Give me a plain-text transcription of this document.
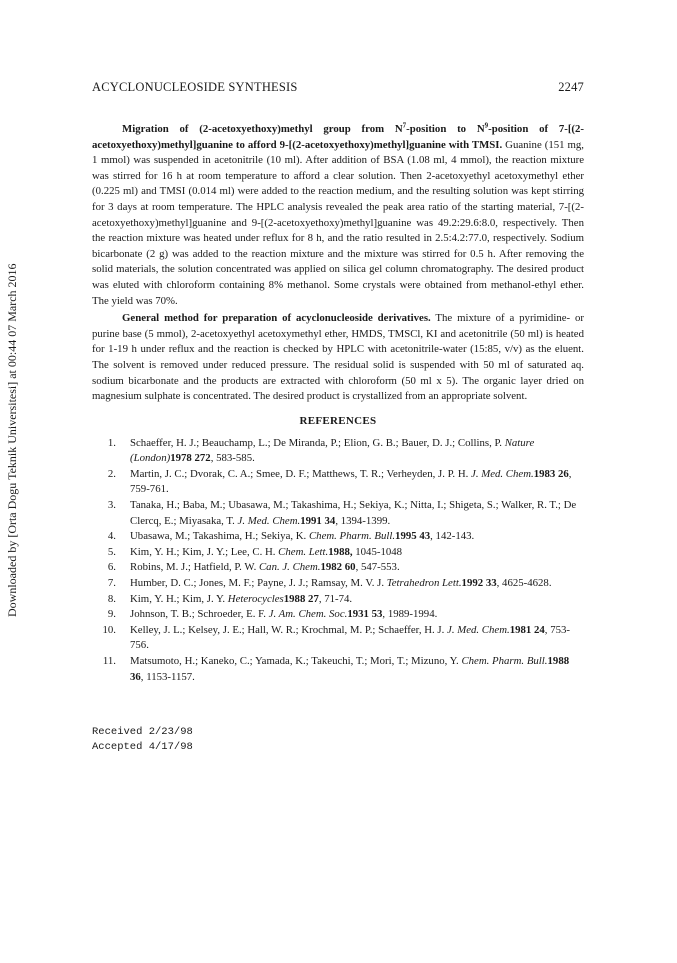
Downloaded by [Orta Dogu Teknik Universitesi] at 00:44 07 March 2016
ACYCLONUCLEOSIDE SYNTHESIS	2247

Migration of (2-acetoxyethoxy)methyl group from $N^7$-position to $N^9$-position of 7-[(2-acetoxyethoxy)methyl]guanine to afford 9-[(2-acetoxyethoxy)methyl]guanine with TMSI. Guanine (151 mg, 1 mmol) was suspended in acetonitrile (10 ml). After addition of BSA (1.08 ml, 4 mmol), the reaction mixture was stirred for 16 h at room temperature to afford a clear solution. Then 2-acetoxyethyl acetoxymethyl ether (0.225 ml) and TMSI (0.014 ml) were added to the reaction medium, and the resulting solution was kept stirring for 3 days at room temperature. The HPLC analysis revealed the peak area ratio of the starting material, 7-[(2-acetoxyethoxy)methyl]guanine and 9-[(2-acetoxyethoxy)methyl]guanine was 49.2:29.6:8.0, respectively. Then the reaction mixture was heated under reflux for 8 h, and the ratio resulted in 2.5:4.2:77.0, respectively. Sodium bicarbonate (2 g) was added to the reaction mixture and the mixture was stirred for 0.5 h. After removing the solid materials, the solution concentrated was applied on silica gel column chromatography. The desired product was eluted with chloroform containing 8% methanol. Some crystals were obtained from methanol-ethyl ether. The yield was 70%.

General method for preparation of acyclonucleoside derivatives. The mixture of a pyrimidine- or purine base (5 mmol), 2-acetoxyethyl acetoxymethyl ether, HMDS, TMSCl, KI and acetonitrile (50 ml) is heated for 1-19 h under reflux and the reaction is checked by HPLC with acetonitrile-water (15:85, v/v) as the eluent. The solvent is removed under reduced pressure. The residual solid is suspended with 50 ml of saturated aq. sodium bicarbonate and the products are extracted with chloroform (50 ml x 5). The organic layer dried on magnesium sulphate is concentrated. The desired product is crystallized from an appropriate solvent.

REFERENCES
1.	Schaeffer, H. J.; Beauchamp, L.; De Miranda, P.; Elion, G. B.; Bauer, D. J.; Collins, P. Nature (London)1978 272, 583-585.
2.	Martin, J. C.; Dvorak, C. A.; Smee, D. F.; Matthews, T. R.; Verheyden, J. P. H. J. Med. Chem.1983 26, 759-761.
3.	Tanaka, H.; Baba, M.; Ubasawa, M.; Takashima, H.; Sekiya, K.; Nitta, I.; Shigeta, S.; Walker, R. T.; De Clercq, E.; Miyasaka, T. J. Med. Chem.1991 34, 1394-1399.
4.	Ubasawa, M.; Takashima, H.; Sekiya, K. Chem. Pharm. Bull.1995 43, 142-143.
5.	Kim, Y. H.; Kim, J. Y.; Lee, C. H. Chem. Lett.1988, 1045-1048
6.	Robins, M. J.; Hatfield, P. W. Can. J. Chem.1982 60, 547-553.
7.	Humber, D. C.; Jones, M. F.; Payne, J. J.; Ramsay, M. V. J. Tetrahedron Lett.1992 33, 4625-4628.
8.	Kim, Y. H.; Kim, J. Y. Heterocycles1988 27, 71-74.
9.	Johnson, T. B.; Schroeder, E. F. J. Am. Chem. Soc.1931 53, 1989-1994.
10.	Kelley, J. L.; Kelsey, J. E.; Hall, W. R.; Krochmal, M. P.; Schaeffer, H. J. J. Med. Chem.1981 24, 753-756.
11.	Matsumoto, H.; Kaneko, C.; Yamada, K.; Takeuchi, T.; Mori, T.; Mizuno, Y. Chem. Pharm. Bull.1988 36, 1153-1157.
Received 2/23/98
Accepted 4/17/98
